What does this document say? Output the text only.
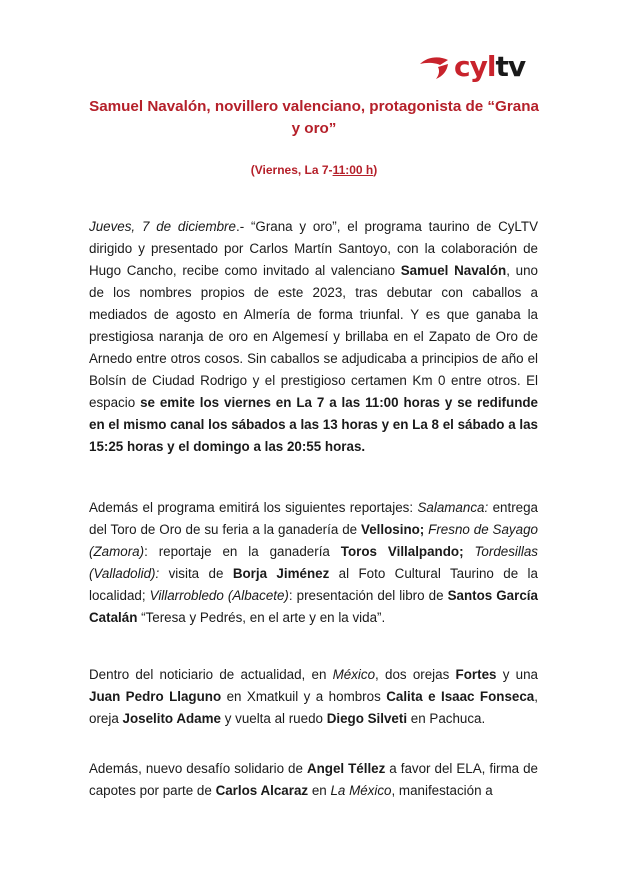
cyltv
Samuel Navalón, novillero valenciano, protagonista de “Grana y oro”
(Viernes, La 7-11:00 h)
Jueves, 7 de diciembre.- “Grana y oro”, el programa taurino de CyLTV dirigido y presentado por Carlos Martín Santoyo, con la colaboración de Hugo Cancho, recibe como invitado al valenciano Samuel Navalón, uno de los nombres propios de este 2023, tras debutar con caballos a mediados de agosto en Almería de forma triunfal. Y es que ganaba la prestigiosa naranja de oro en Algemesí y brillaba en el Zapato de Oro de Arnedo entre otros cosos. Sin caballos se adjudicaba a principios de año el Bolsín de Ciudad Rodrigo y el prestigioso certamen Km 0 entre otros. El espacio se emite los viernes en La 7 a las 11:00 horas y se redifunde en el mismo canal los sábados a las 13 horas y en La 8 el sábado a las 15:25 horas y el domingo a las 20:55 horas.
Además el programa emitirá los siguientes reportajes: Salamanca: entrega del Toro de Oro de su feria a la ganadería de Vellosino; Fresno de Sayago (Zamora): reportaje en la ganadería Toros Villalpando; Tordesillas (Valladolid): visita de Borja Jiménez al Foto Cultural Taurino de la localidad; Villarrobledo (Albacete): presentación del libro de Santos García Catalán “Teresa y Pedrés, en el arte y en la vida”.
Dentro del noticiario de actualidad, en México, dos orejas Fortes y una Juan Pedro Llaguno en Xmatkuil y a hombros Calita e Isaac Fonseca, oreja Joselito Adame y vuelta al ruedo Diego Silveti en Pachuca.
Además, nuevo desafío solidario de Angel Téllez a favor del ELA, firma de capotes por parte de Carlos Alcaraz en La México, manifestación a
